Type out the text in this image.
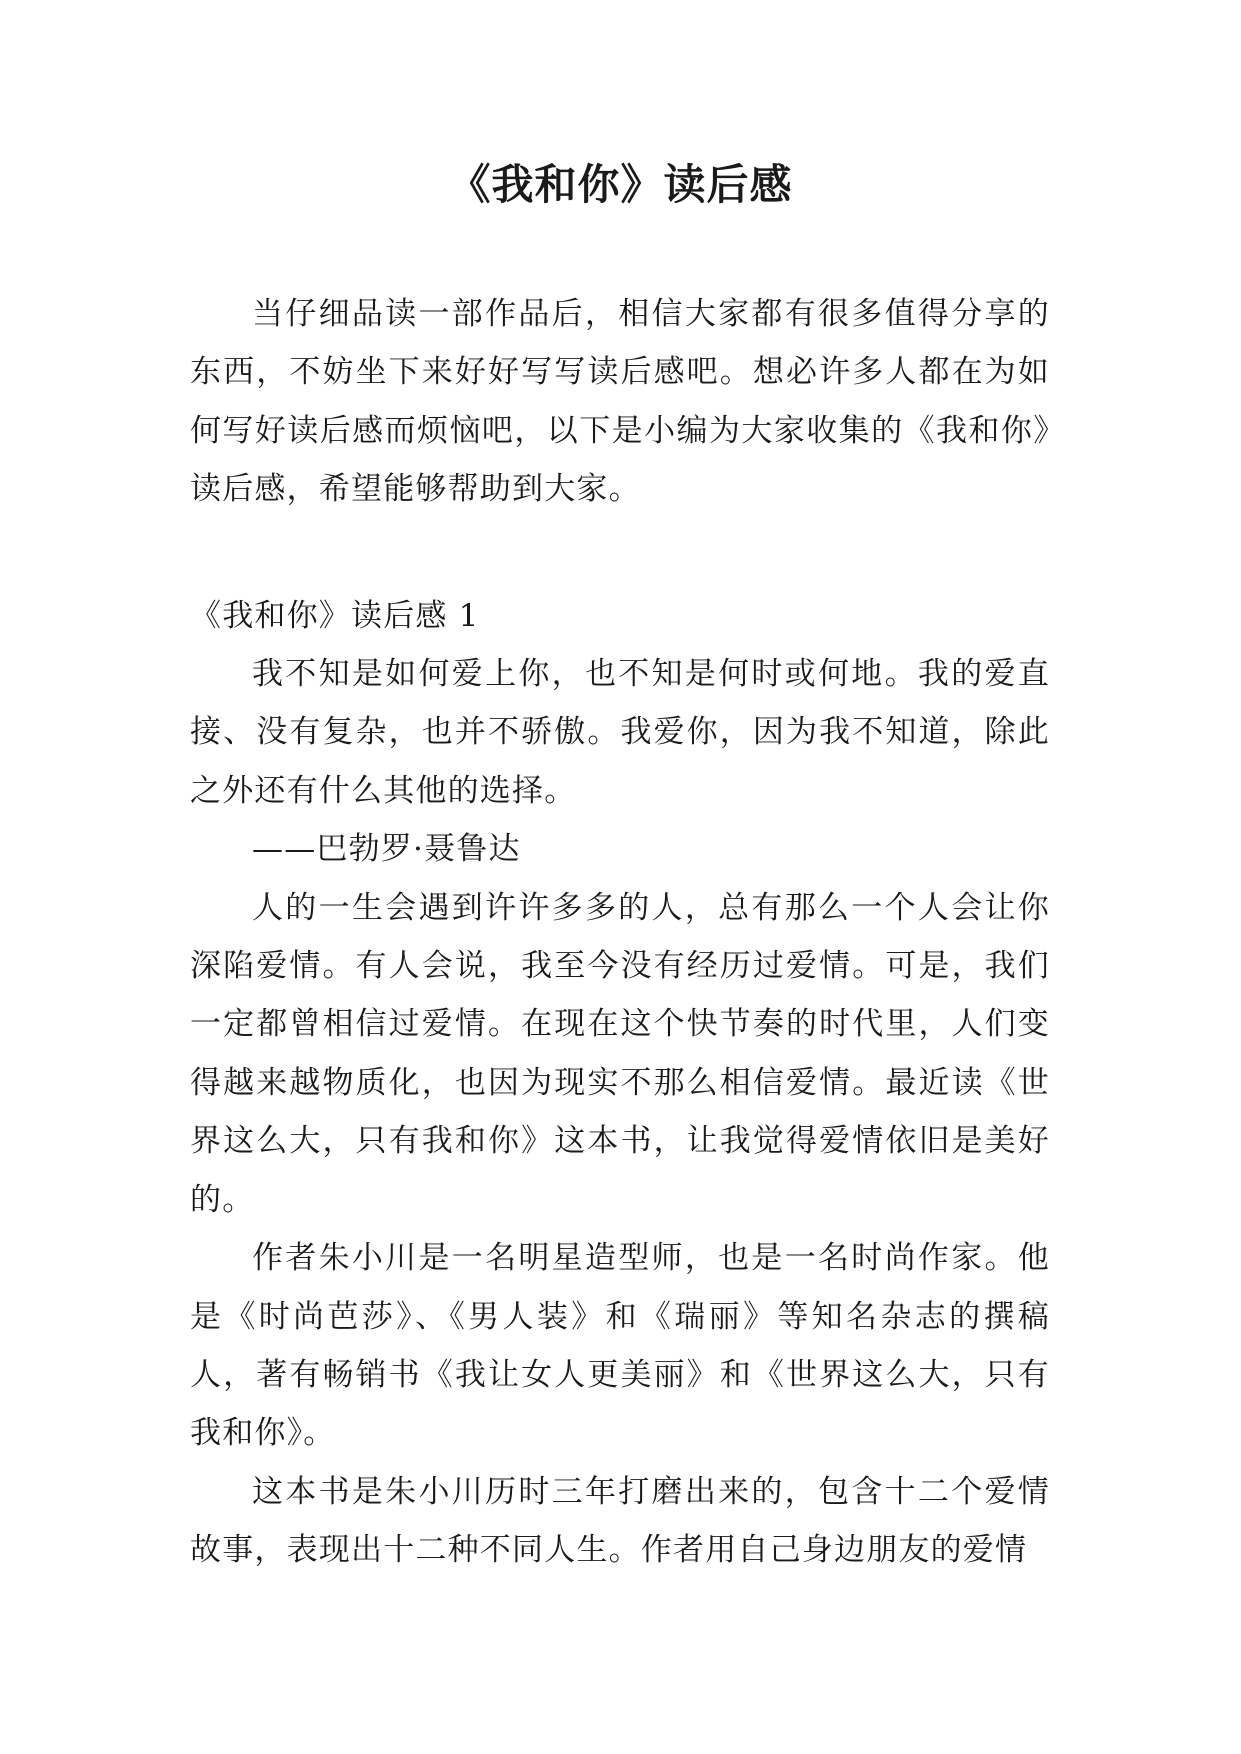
《我和你》读后感

当仔细品读一部作品后，相信大家都有很多值得分享的东西，不妨坐下来好好写写读后感吧。想必许多人都在为如何写好读后感而烦恼吧，以下是小编为大家收集的《我和你》读后感，希望能够帮助到大家。

《我和你》读后感 1

我不知是如何爱上你，也不知是何时或何地。我的爱直接、没有复杂，也并不骄傲。我爱你，因为我不知道，除此之外还有什么其他的选择。

——巴勃罗·聂鲁达

人的一生会遇到许许多多的人，总有那么一个人会让你深陷爱情。有人会说，我至今没有经历过爱情。可是，我们一定都曾相信过爱情。在现在这个快节奏的时代里，人们变得越来越物质化，也因为现实不那么相信爱情。最近读《世界这么大，只有我和你》这本书，让我觉得爱情依旧是美好的。

作者朱小川是一名明星造型师，也是一名时尚作家。他是《时尚芭莎》、《男人装》和《瑞丽》等知名杂志的撰稿人，著有畅销书《我让女人更美丽》和《世界这么大，只有我和你》。

这本书是朱小川历时三年打磨出来的，包含十二个爱情故事，表现出十二种不同人生。作者用自己身边朋友的爱情
